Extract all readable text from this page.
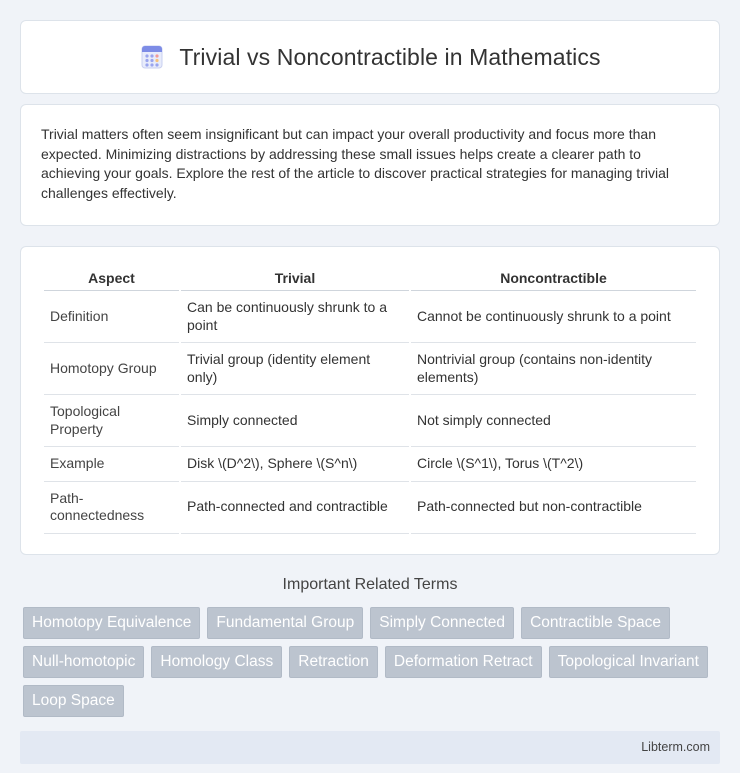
Trivial vs Noncontractible in Mathematics

Trivial matters often seem insignificant but can impact your overall productivity and focus more than expected. Minimizing distractions by addressing these small issues helps create a clearer path to achieving your goals. Explore the rest of the article to discover practical strategies for managing trivial challenges effectively.

Aspect	Trivial	Noncontractible
Definition	Can be continuously shrunk to a point	Cannot be continuously shrunk to a point
Homotopy Group	Trivial group (identity element only)	Nontrivial group (contains non-identity elements)
Topological Property	Simply connected	Not simply connected
Example	Disk \(D^2\), Sphere \(S^n\)	Circle \(S^1\), Torus \(T^2\)
Path-connectedness	Path-connected and contractible	Path-connected but non-contractible
Important Related Terms
Homotopy Equivalence	Fundamental Group	Simply Connected	Contractible Space
Null-homotopic	Homology Class	Retraction	Deformation Retract	Topological Invariant
Loop Space
Libterm.com
